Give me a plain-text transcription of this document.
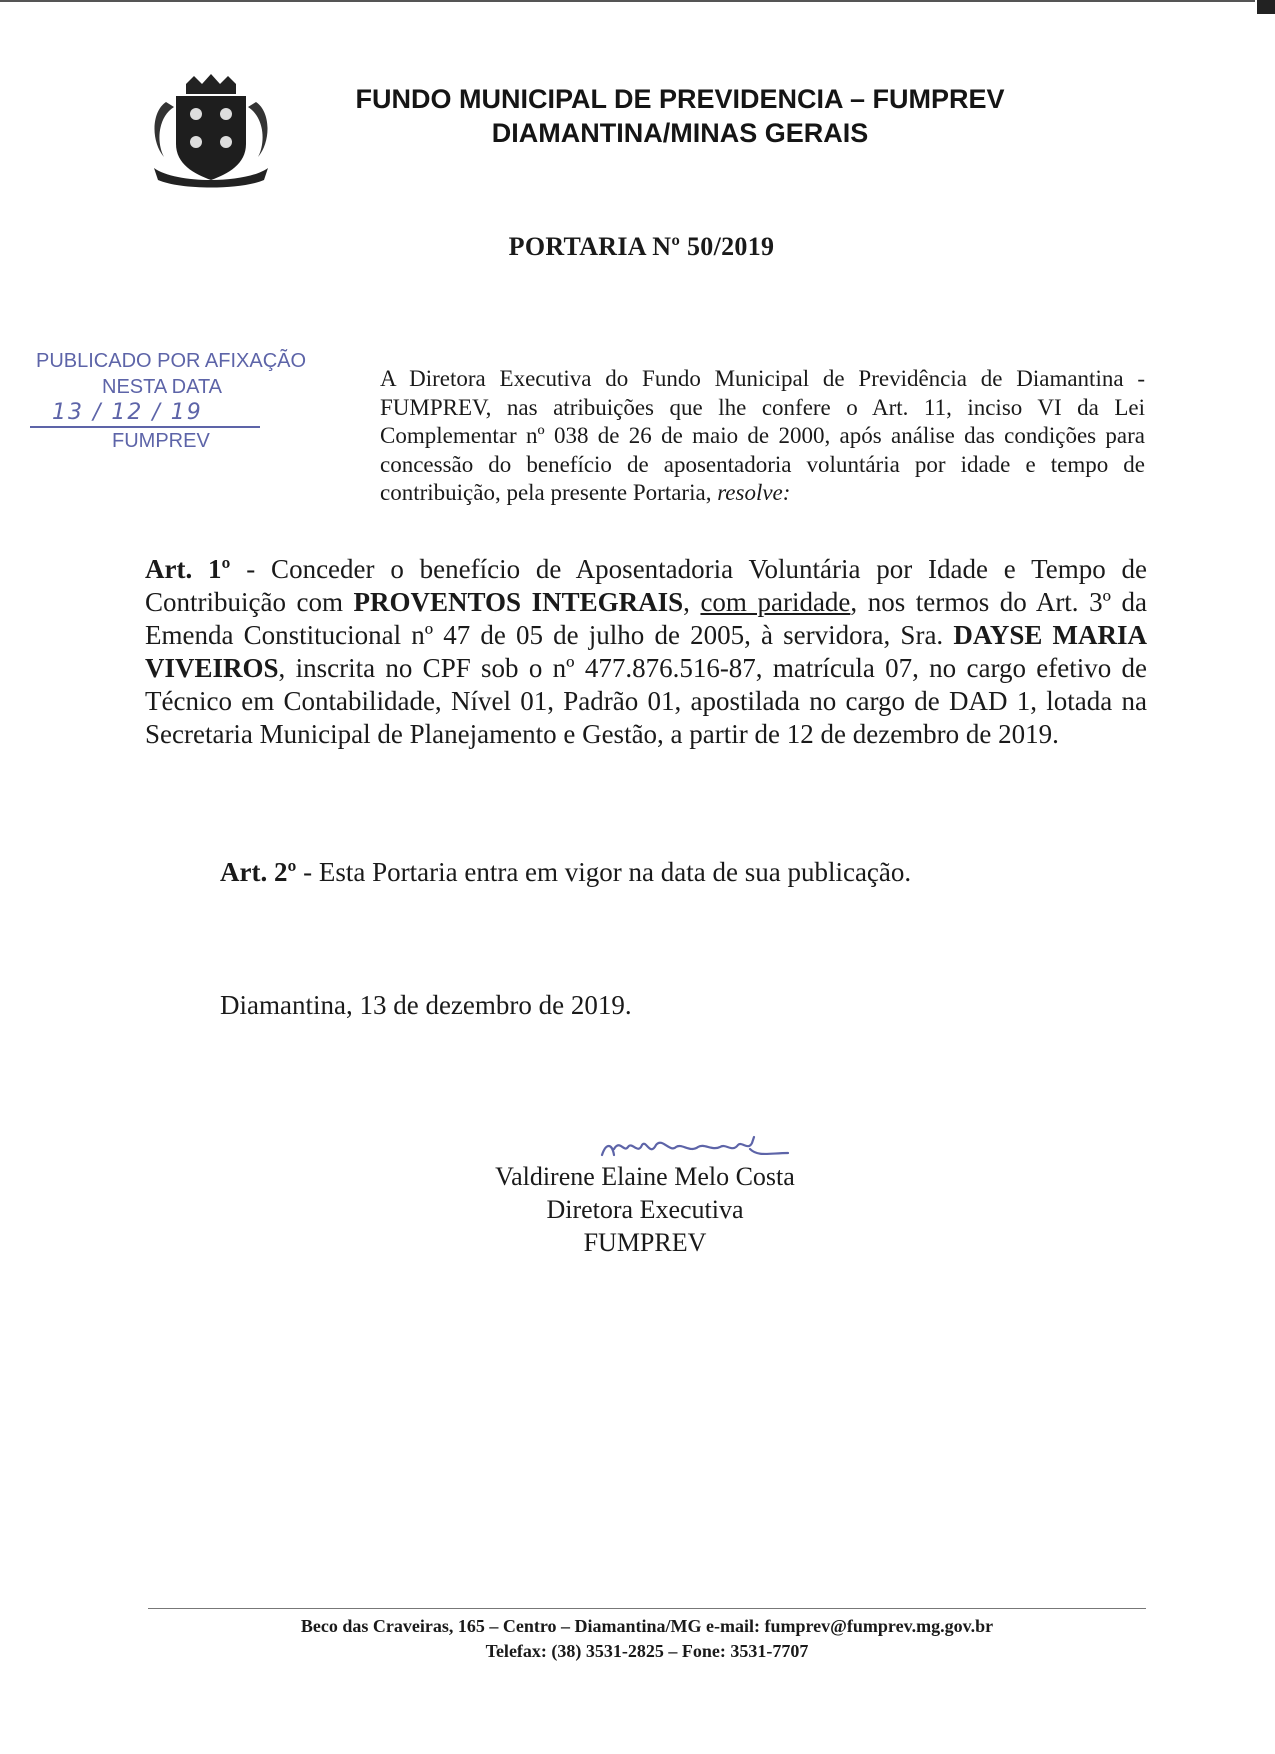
FUNDO MUNICIPAL DE PREVIDENCIA – FUMPREV
DIAMANTINA/MINAS GERAIS
PORTARIA Nº 50/2019
PUBLICADO POR AFIXAÇÃO
NESTA DATA
13 / 12 / 19
FUMPREV
A Diretora Executiva do Fundo Municipal de Previdência de Diamantina - FUMPREV, nas atribuições que lhe confere o Art. 11, inciso VI da Lei Complementar nº 038 de 26 de maio de 2000, após análise das condições para concessão do benefício de aposentadoria voluntária por idade e tempo de contribuição, pela presente Portaria, resolve:
Art. 1º - Conceder o benefício de Aposentadoria Voluntária por Idade e Tempo de Contribuição com PROVENTOS INTEGRAIS, com paridade, nos termos do Art. 3º da Emenda Constitucional nº 47 de 05 de julho de 2005, à servidora, Sra. DAYSE MARIA VIVEIROS, inscrita no CPF sob o nº 477.876.516-87, matrícula 07, no cargo efetivo de Técnico em Contabilidade, Nível 01, Padrão 01, apostilada no cargo de DAD 1, lotada na Secretaria Municipal de Planejamento e Gestão, a partir de 12 de dezembro de 2019.
Art. 2º - Esta Portaria entra em vigor na data de sua publicação.
Diamantina, 13 de dezembro de 2019.
Valdirene Elaine Melo Costa
Diretora Executiva
FUMPREV
Beco das Craveiras, 165 – Centro – Diamantina/MG e-mail: fumprev@fumprev.mg.gov.br
Telefax: (38) 3531-2825 – Fone: 3531-7707
